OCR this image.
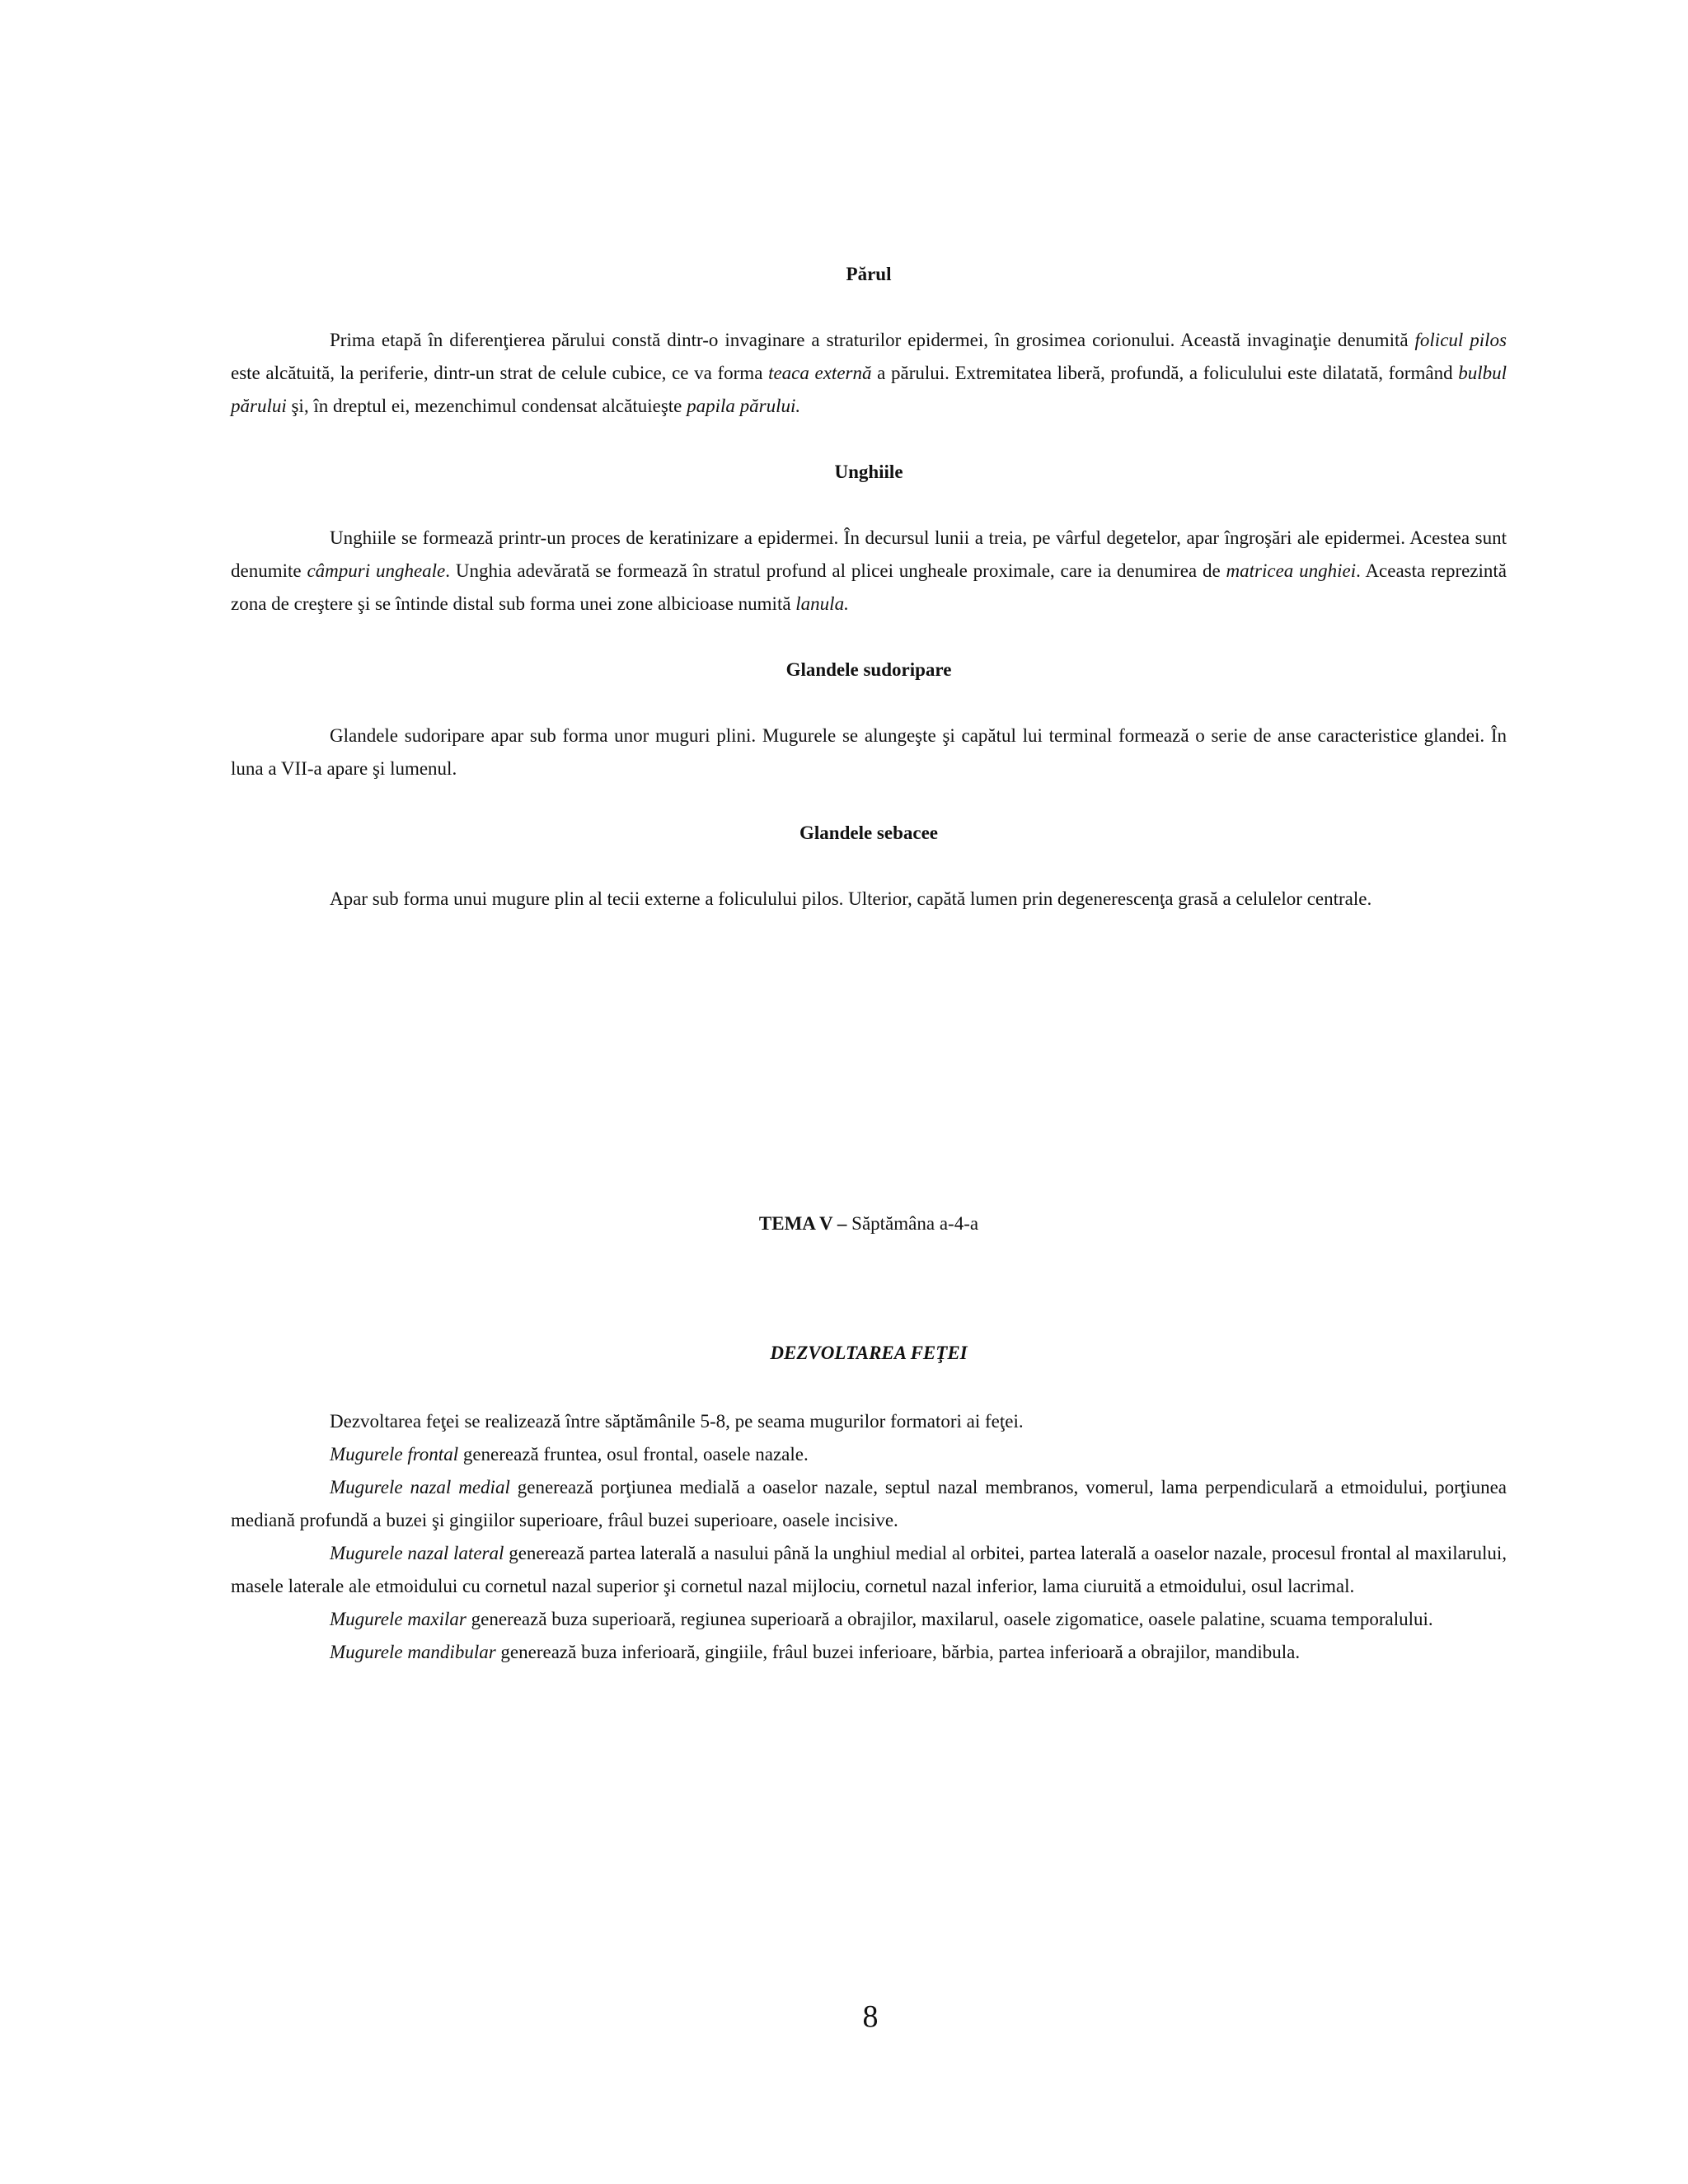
Părul

Prima etapă în diferenţierea părului constă dintr-o invaginare a straturilor epidermei, în grosimea corionului. Această invaginaţie denumită folicul pilos este alcătuită, la periferie, dintr-un strat de celule cubice, ce va forma teaca externă a părului. Extremitatea liberă, profundă, a foliculului este dilatată, formând bulbul părului şi, în dreptul ei, mezenchimul condensat alcătuieşte papila părului.

Unghiile

Unghiile se formează printr-un proces de keratinizare a epidermei. În decursul lunii a treia, pe vârful degetelor, apar îngroşări ale epidermei. Acestea sunt denumite câmpuri ungheale. Unghia adevărată se formează în stratul profund al plicei ungheale proximale, care ia denumirea de matricea unghiei. Aceasta reprezintă zona de creştere şi se întinde distal sub forma unei zone albicioase numită lanula.

Glandele sudoripare

Glandele sudoripare apar sub forma unor muguri plini. Mugurele se alungeşte şi capătul lui terminal formează o serie de anse caracteristice glandei. În luna a VII-a apare şi lumenul.

Glandele sebacee

Apar sub forma unui mugure plin al tecii externe a foliculului pilos. Ulterior, capătă lumen prin degenerescenţa grasă a celulelor centrale.

TEMA V – Săptămâna a-4-a
DEZVOLTAREA FEŢEI

Dezvoltarea feţei se realizează între săptămânile 5-8, pe seama mugurilor formatori ai feţei.

Mugurele frontal generează fruntea, osul frontal, oasele nazale.

Mugurele nazal medial generează porţiunea medială a oaselor nazale, septul nazal membranos, vomerul, lama perpendiculară a etmoidului, porţiunea mediană profundă a buzei şi gingiilor superioare, frâul buzei superioare, oasele incisive.

Mugurele nazal lateral generează partea laterală a nasului până la unghiul medial al orbitei, partea laterală a oaselor nazale, procesul frontal al maxilarului, masele laterale ale etmoidului cu cornetul nazal superior şi cornetul nazal mijlociu, cornetul nazal inferior, lama ciuruită a etmoidului, osul lacrimal.

Mugurele maxilar generează buza superioară, regiunea superioară a obrajilor, maxilarul, oasele zigomatice, oasele palatine, scuama temporalului.

Mugurele mandibular generează buza inferioară, gingiile, frâul buzei inferioare, bărbia, partea inferioară a obrajilor, mandibula.

8
